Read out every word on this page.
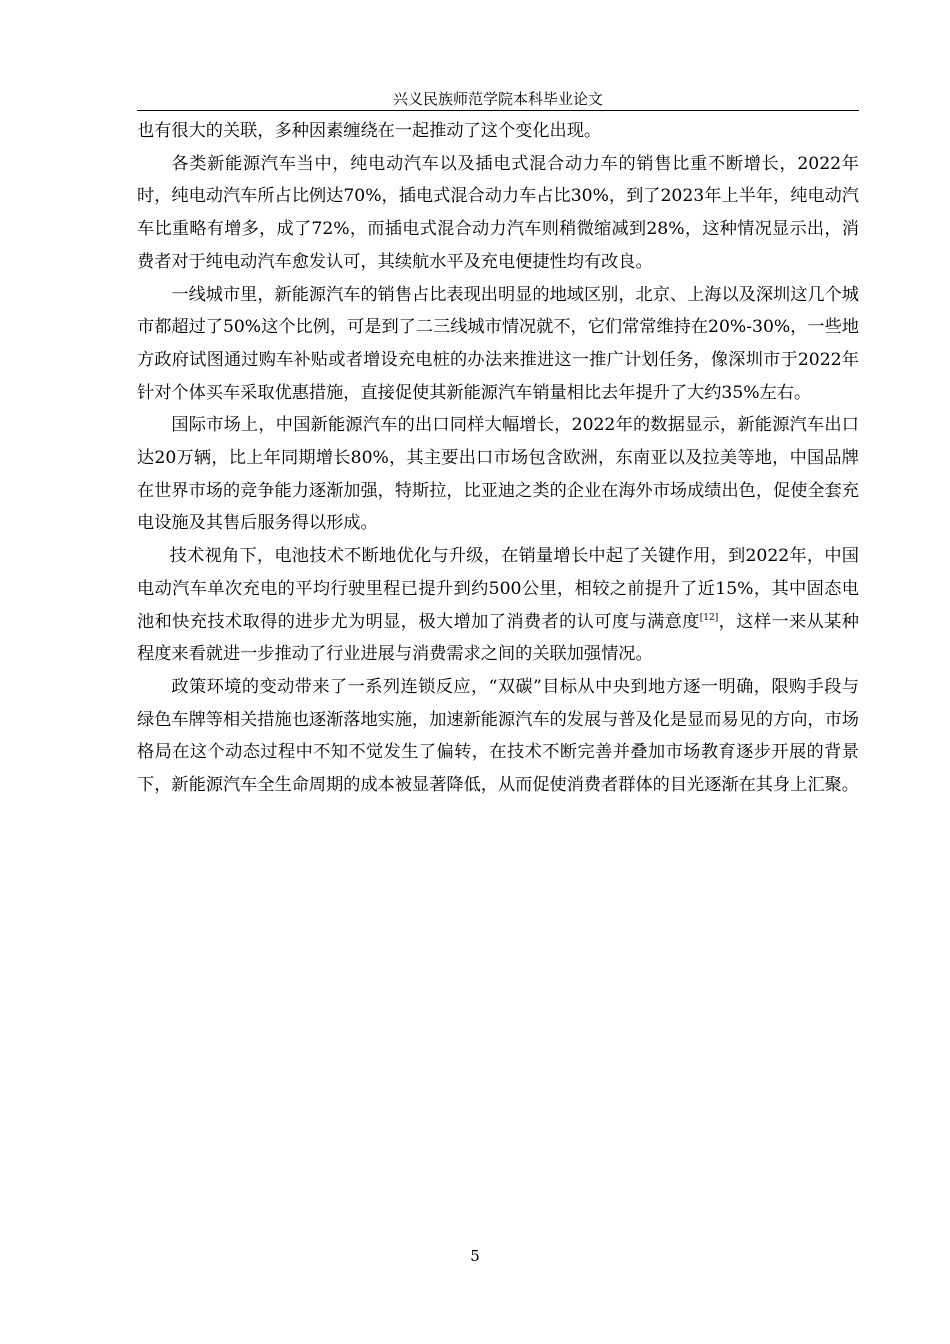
兴义民族师范学院本科毕业论文

也有很大的关联，多种因素缠绕在一起推动了这个变化出现。

各类新能源汽车当中，纯电动汽车以及插电式混合动力车的销售比重不断增长，2022年时，纯电动汽车所占比例达70%，插电式混合动力车占比30%，到了2023年上半年，纯电动汽车比重略有增多，成了72%，而插电式混合动力汽车则稍微缩减到28%，这种情况显示出，消费者对于纯电动汽车愈发认可，其续航水平及充电便捷性均有改良。

一线城市里，新能源汽车的销售占比表现出明显的地域区别，北京、上海以及深圳这几个城市都超过了50%这个比例，可是到了二三线城市情况就不，它们常常维持在20%-30%，一些地方政府试图通过购车补贴或者增设充电桩的办法来推进这一推广计划任务，像深圳市于2022年针对个体买车采取优惠措施，直接促使其新能源汽车销量相比去年提升了大约35%左右。

国际市场上，中国新能源汽车的出口同样大幅增长，2022年的数据显示，新能源汽车出口达20万辆，比上年同期增长80%，其主要出口市场包含欧洲，东南亚以及拉美等地，中国品牌在世界市场的竞争能力逐渐加强，特斯拉，比亚迪之类的企业在海外市场成绩出色，促使全套充电设施及其售后服务得以形成。

技术视角下，电池技术不断地优化与升级，在销量增长中起了关键作用，到2022年，中国电动汽车单次充电的平均行驶里程已提升到约500公里，相较之前提升了近15%，其中固态电池和快充技术取得的进步尤为明显，极大增加了消费者的认可度与满意度[12]，这样一来从某种程度来看就进一步推动了行业进展与消费需求之间的关联加强情况。

政策环境的变动带来了一系列连锁反应，“双碳”目标从中央到地方逐一明确，限购手段与绿色车牌等相关措施也逐渐落地实施，加速新能源汽车的发展与普及化是显而易见的方向，市场格局在这个动态过程中不知不觉发生了偏转，在技术不断完善并叠加市场教育逐步开展的背景下，新能源汽车全生命周期的成本被显著降低，从而促使消费者群体的目光逐渐在其身上汇聚。

5
